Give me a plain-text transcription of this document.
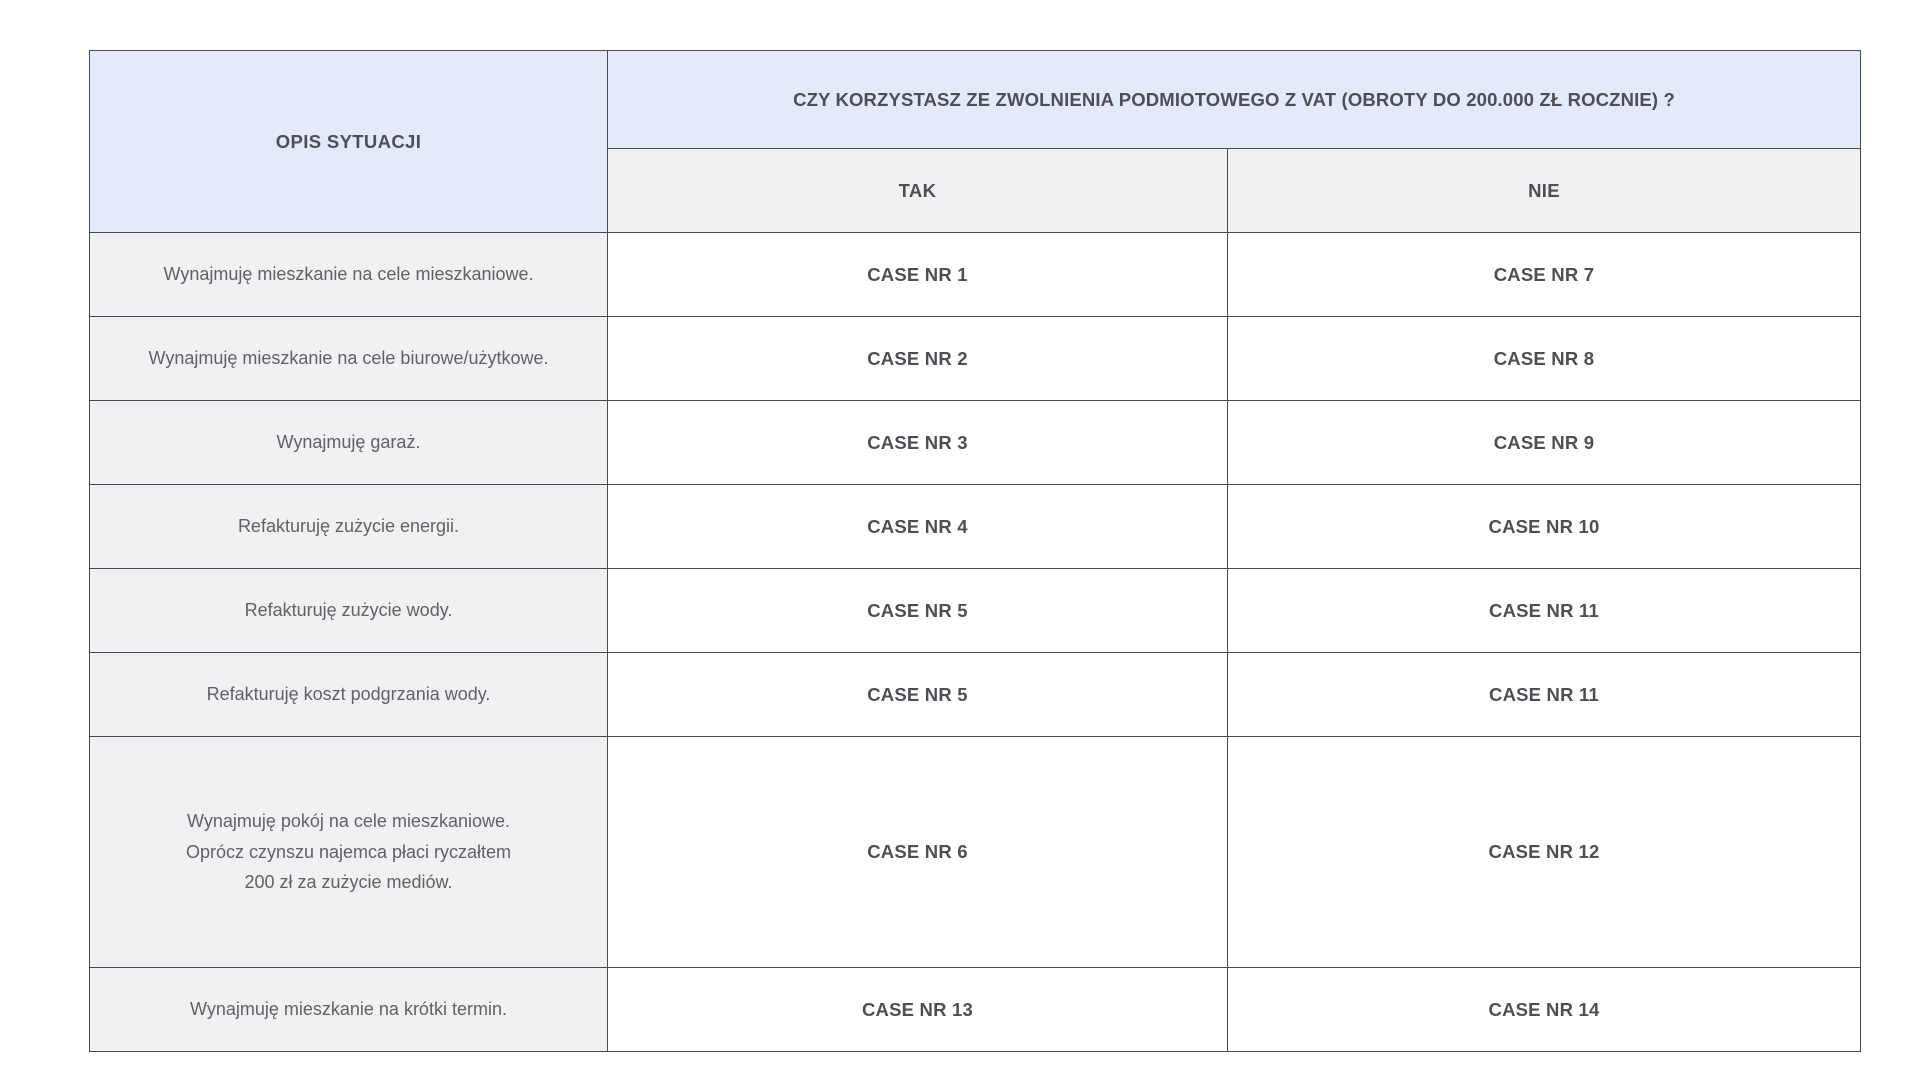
OPIS SYTUACJI	CZY KORZYSTASZ ZE ZWOLNIENIA PODMIOTOWEGO Z VAT (OBROTY DO 200.000 ZŁ ROCZNIE) ?	
	TAK	NIE

Wynajmuję mieszkanie na cele mieszkaniowe.	CASE NR 1	CASE NR 7

Wynajmuję mieszkanie na cele biurowe/użytkowe.	CASE NR 2	CASE NR 8

Wynajmuję garaż.	CASE NR 3	CASE NR 9

Refakturuję zużycie energii.	CASE NR 4	CASE NR 10

Refakturuję zużycie wody.	CASE NR 5	CASE NR 11

Refakturuję koszt podgrzania wody.	CASE NR 5	CASE NR 11

Wynajmuję pokój na cele mieszkaniowe.
Oprócz czynszu najemca płaci ryczałtem
200 zł za zużycie mediów.	CASE NR 6	CASE NR 12

Wynajmuję mieszkanie na krótki termin.	CASE NR 13	CASE NR 14
